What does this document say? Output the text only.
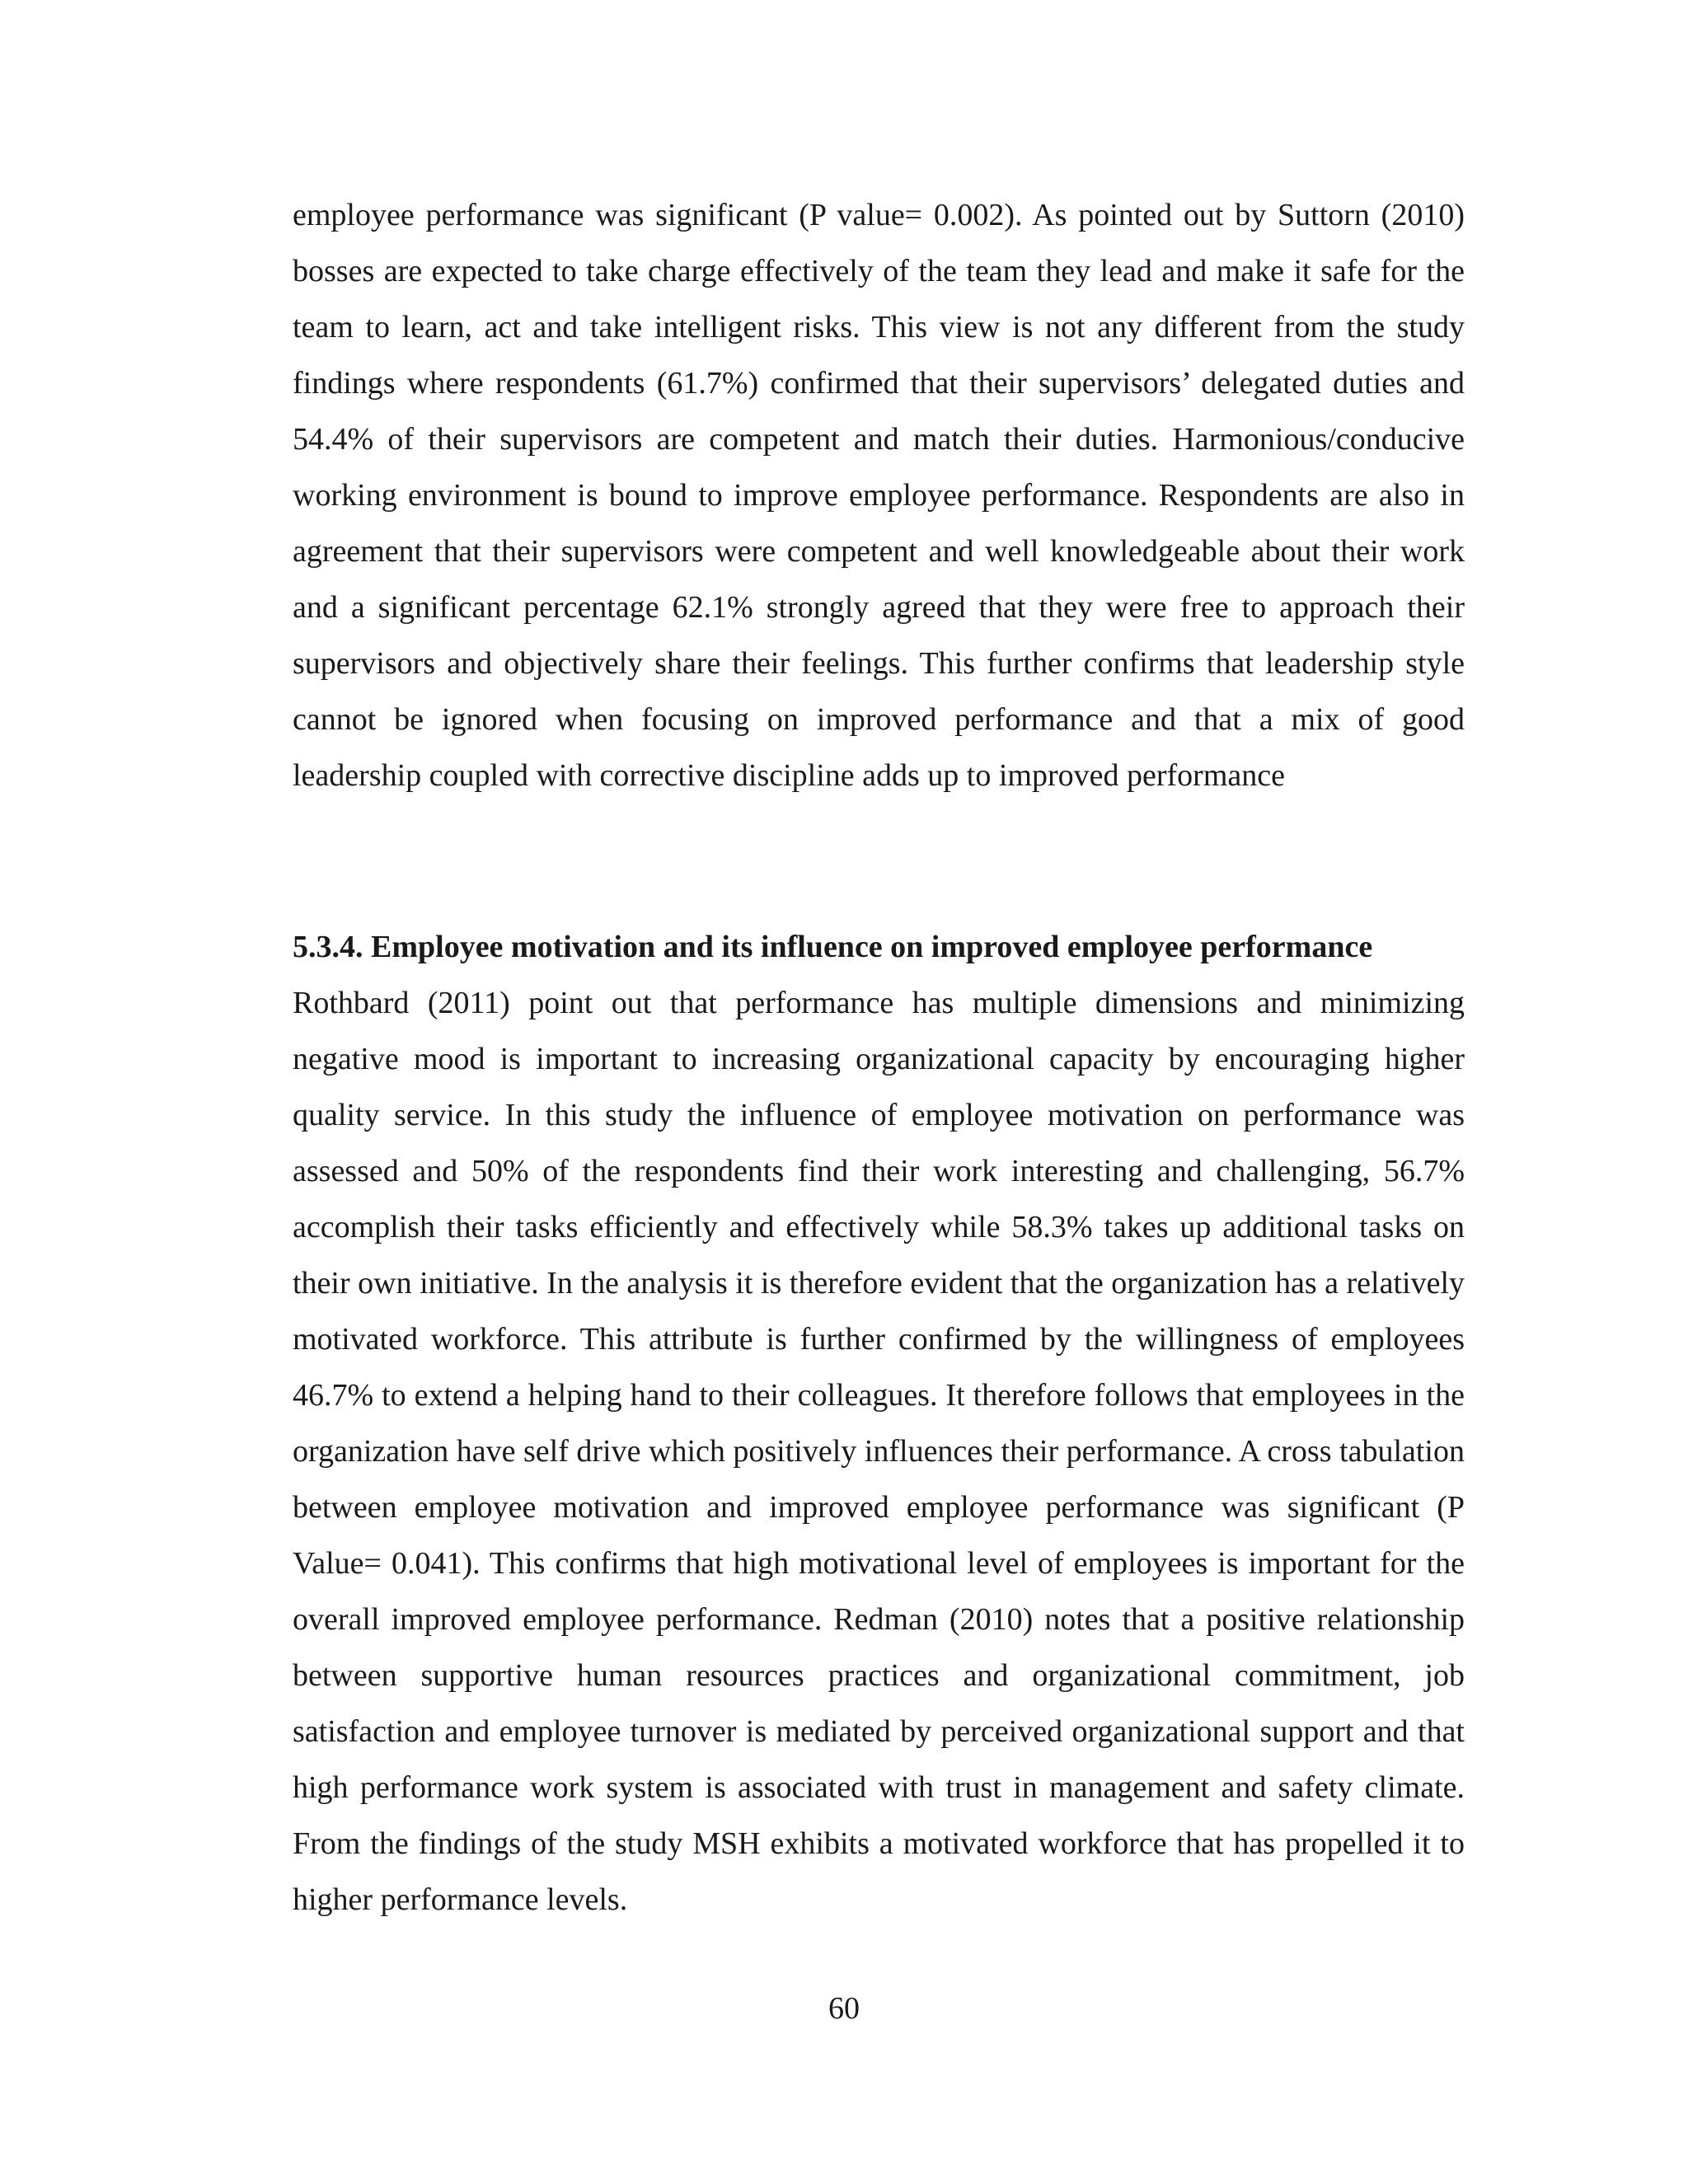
employee performance was significant (P value= 0.002). As pointed out by Suttorn (2010) bosses are expected to take charge effectively of the team they lead and make it safe for the team to learn, act and take intelligent risks. This view is not any different from the study findings where respondents (61.7%) confirmed that their supervisors’ delegated duties and 54.4% of their supervisors are competent and match their duties. Harmonious/conducive working environment is bound to improve employee performance. Respondents are also in agreement that their supervisors were competent and well knowledgeable about their work and a significant percentage 62.1% strongly agreed that they were free to approach their supervisors and objectively share their feelings. This further confirms that leadership style cannot be ignored when focusing on improved performance and that a mix of good leadership coupled with corrective discipline adds up to improved performance

5.3.4. Employee motivation and its influence on improved employee performance

Rothbard (2011) point out that performance has multiple dimensions and minimizing negative mood is important to increasing organizational capacity by encouraging higher quality service. In this study the influence of employee motivation on performance was assessed and 50% of the respondents find their work interesting and challenging, 56.7% accomplish their tasks efficiently and effectively while 58.3% takes up additional tasks on their own initiative. In the analysis it is therefore evident that the organization has a relatively motivated workforce. This attribute is further confirmed by the willingness of employees 46.7% to extend a helping hand to their colleagues. It therefore follows that employees in the organization have self drive which positively influences their performance. A cross tabulation between employee motivation and improved employee performance was significant (P Value= 0.041). This confirms that high motivational level of employees is important for the overall improved employee performance. Redman (2010) notes that a positive relationship between supportive human resources practices and organizational commitment, job satisfaction and employee turnover is mediated by perceived organizational support and that high performance work system is associated with trust in management and safety climate. From the findings of the study MSH exhibits a motivated workforce that has propelled it to higher performance levels.

60
